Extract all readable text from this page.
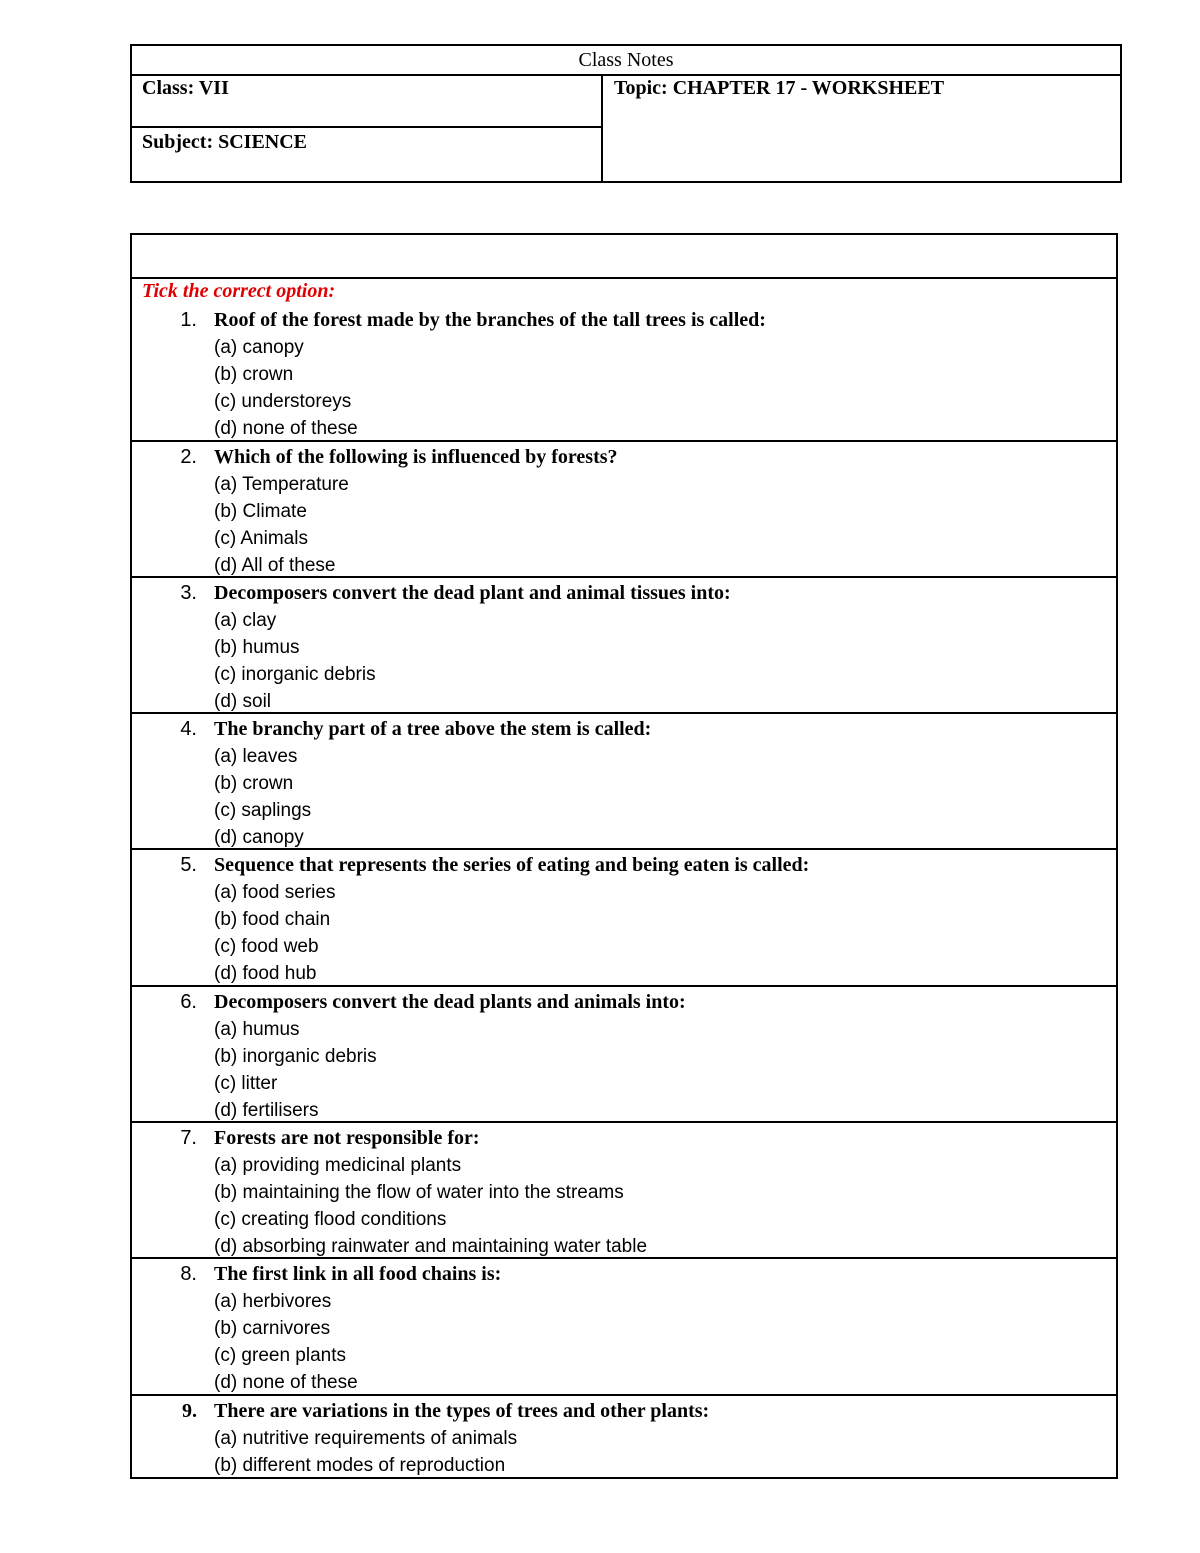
Class Notes
Class: VII
Subject: SCIENCE
Topic: CHAPTER 17 - WORKSHEET
Tick the correct option:
1. Roof of the forest made by the branches of the tall trees is called:
(a) canopy
(b) crown
(c) understoreys
(d) none of these
2. Which of the following is influenced by forests?
(a) Temperature
(b) Climate
(c) Animals
(d) All of these
3. Decomposers convert the dead plant and animal tissues into:
(a) clay
(b) humus
(c) inorganic debris
(d) soil
4. The branchy part of a tree above the stem is called:
(a) leaves
(b) crown
(c) saplings
(d) canopy
5. Sequence that represents the series of eating and being eaten is called:
(a) food series
(b) food chain
(c) food web
(d) food hub
6. Decomposers convert the dead plants and animals into:
(a) humus
(b) inorganic debris
(c) litter
(d) fertilisers
7. Forests are not responsible for:
(a) providing medicinal plants
(b) maintaining the flow of water into the streams
(c) creating flood conditions
(d) absorbing rainwater and maintaining water table
8. The first link in all food chains is:
(a) herbivores
(b) carnivores
(c) green plants
(d) none of these
9. There are variations in the types of trees and other plants:
(a) nutritive requirements of animals
(b) different modes of reproduction
